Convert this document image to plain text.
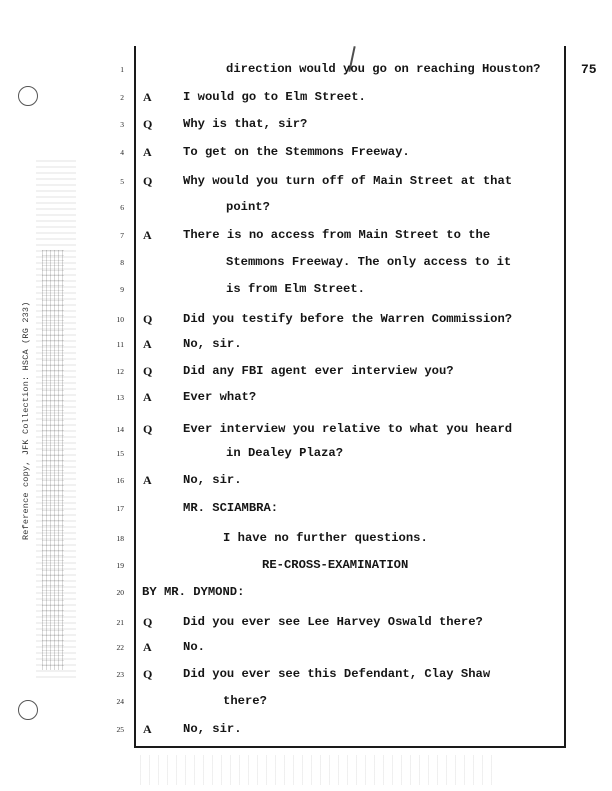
Reference copy, JFK Collection: HSCA (RG 233)
75
1	direction would you go on reaching Houston?
2 A	I would go to Elm Street.
3 Q	Why is that, sir?
4 A	To get on the Stemmons Freeway.
5 Q	Why would you turn off of Main Street at that
6	point?
7 A	There is no access from Main Street to the
8	Stemmons Freeway. The only access to it
9	is from Elm Street.
10 Q	Did you testify before the Warren Commission?
11 A	No, sir.
12 Q	Did any FBI agent ever interview you?
13 A	Ever what?
14 Q	Ever interview you relative to what you heard
15	in Dealey Plaza?
16 A	No, sir.
17	MR. SCIAMBRA:
18	I have no further questions.
19	RE-CROSS-EXAMINATION
20 BY MR. DYMOND:
21 Q	Did you ever see Lee Harvey Oswald there?
22 A	No.
23 Q	Did you ever see this Defendant, Clay Shaw
24	there?
25 A	No, sir.
